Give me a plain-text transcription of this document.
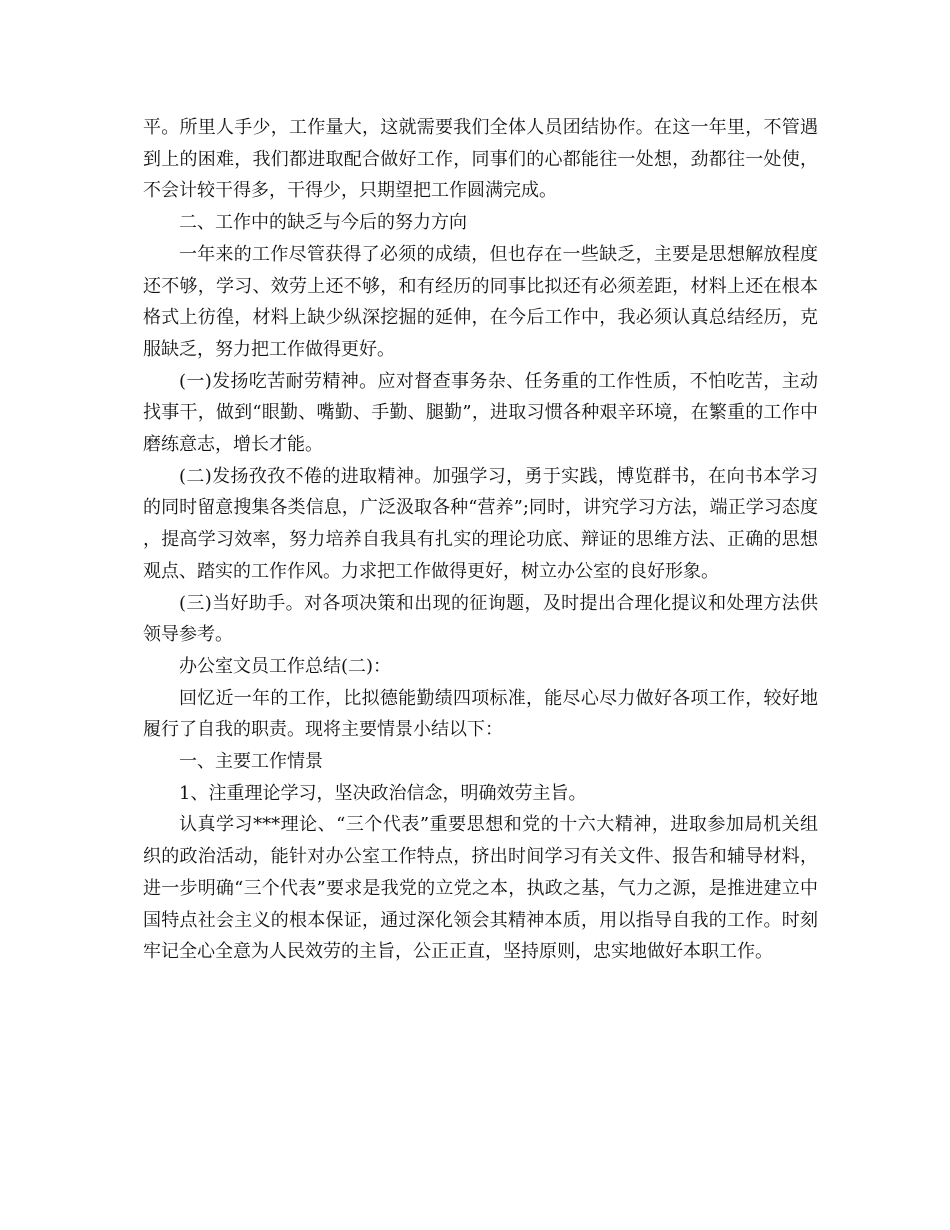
平。所里人手少，工作量大，这就需要我们全体人员团结协作。在这一年里，不管遇到上的困难，我们都进取配合做好工作，同事们的心都能往一处想，劲都往一处使，不会计较干得多，干得少，只期望把工作圆满完成。

二、工作中的缺乏与今后的努力方向

一年来的工作尽管获得了必须的成绩，但也存在一些缺乏，主要是思想解放程度还不够，学习、效劳上还不够，和有经历的同事比拟还有必须差距，材料上还在根本格式上彷徨，材料上缺少纵深挖掘的延伸，在今后工作中，我必须认真总结经历，克服缺乏，努力把工作做得更好。

(一)发扬吃苦耐劳精神。应对督查事务杂、任务重的工作性质，不怕吃苦，主动找事干，做到“眼勤、嘴勤、手勤、腿勤”，进取习惯各种艰辛环境，在繁重的工作中磨练意志，增长才能。

(二)发扬孜孜不倦的进取精神。加强学习，勇于实践，博览群书，在向书本学习的同时留意搜集各类信息，广泛汲取各种“营养”;同时，讲究学习方法，端正学习态度，提高学习效率，努力培养自我具有扎实的理论功底、辩证的思维方法、正确的思想观点、踏实的工作作风。力求把工作做得更好，树立办公室的良好形象。

(三)当好助手。对各项决策和出现的征询题，及时提出合理化提议和处理方法供领导参考。

办公室文员工作总结(二)：

回忆近一年的工作，比拟德能勤绩四项标准，能尽心尽力做好各项工作，较好地履行了自我的职责。现将主要情景小结以下：

一、主要工作情景

1、注重理论学习，坚决政治信念，明确效劳主旨。

认真学习***理论、“三个代表”重要思想和党的十六大精神，进取参加局机关组织的政治活动，能针对办公室工作特点，挤出时间学习有关文件、报告和辅导材料，进一步明确“三个代表”要求是我党的立党之本，执政之基，气力之源，是推进建立中国特点社会主义的根本保证，通过深化领会其精神本质，用以指导自我的工作。时刻牢记全心全意为人民效劳的主旨，公正正直，坚持原则，忠实地做好本职工作。
